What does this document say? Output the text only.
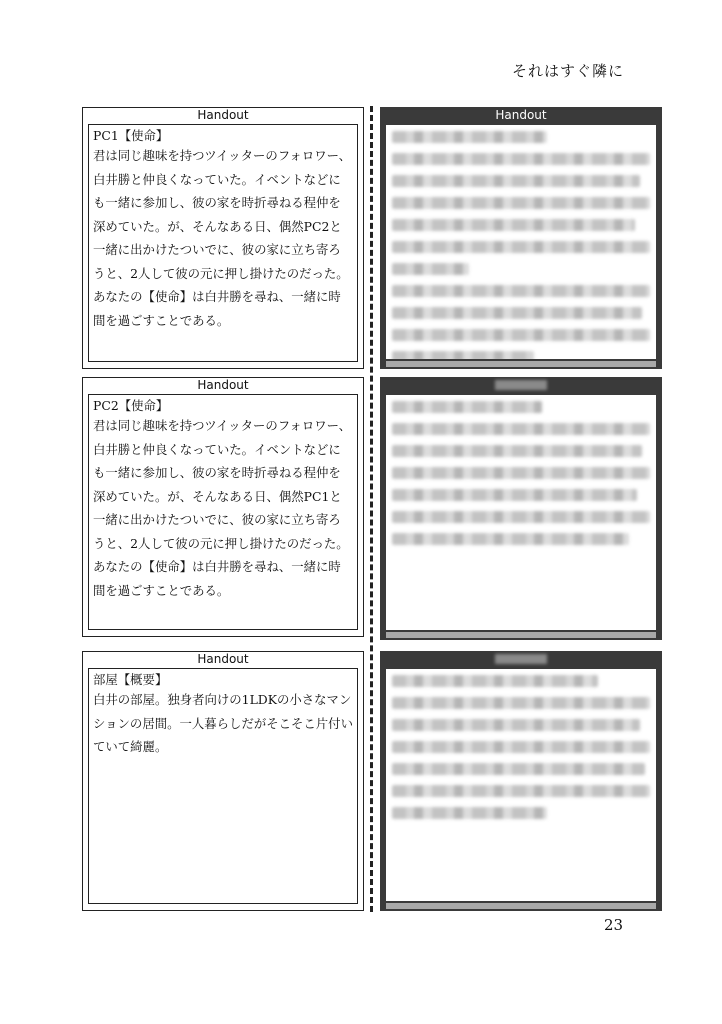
それはすぐ隣に
Handout
PC1【使命】

君は同じ趣味を持つツイッターのフォロワー、白井勝と仲良くなっていた。イベントなどにも一緒に参加し、彼の家を時折尋ねる程仲を深めていた。が、そんなある日、偶然PC2と一緒に出かけたついでに、彼の家に立ち寄ろうと、2人して彼の元に押し掛けたのだった。
あなたの【使命】は白井勝を尋ね、一緒に時間を過ごすことである。

Handout
PC2【使命】

君は同じ趣味を持つツイッターのフォロワー、白井勝と仲良くなっていた。イベントなどにも一緒に参加し、彼の家を時折尋ねる程仲を深めていた。が、そんなある日、偶然PC1と一緒に出かけたついでに、彼の家に立ち寄ろうと、2人して彼の元に押し掛けたのだった。
あなたの【使命】は白井勝を尋ね、一緒に時間を過ごすことである。

Handout
部屋【概要】

白井の部屋。独身者向けの1LDKの小さなマンションの居間。一人暮らしだがそこそこ片付いていて綺麗。

Handout
23
